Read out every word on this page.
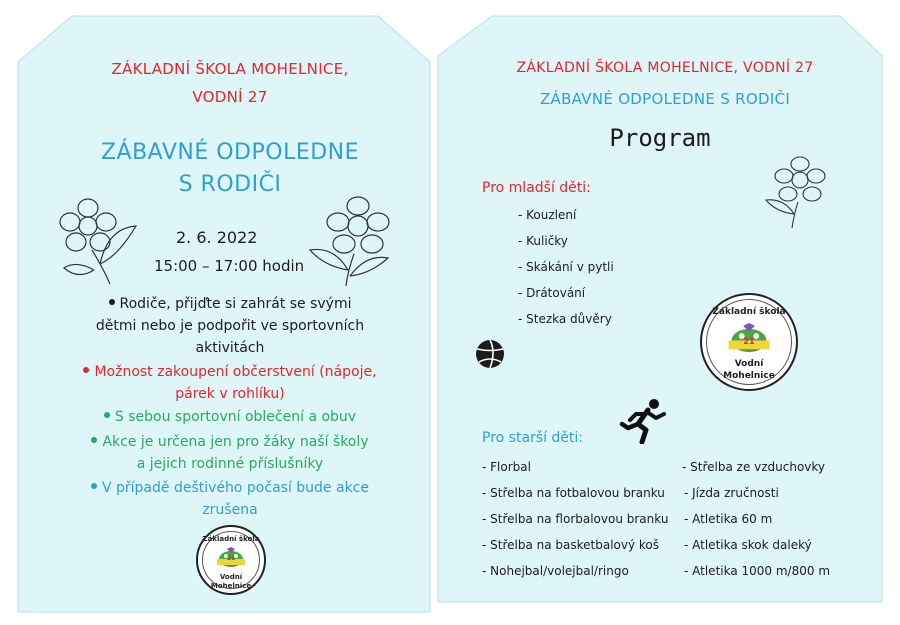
ZÁKLADNÍ ŠKOLA MOHELNICE,
VODNÍ 27
ZÁBAVNÉ ODPOLEDNE
S RODIČI
2. 6. 2022
15:00 – 17:00 hodin
Rodiče, přijďte si zahrát se svými
dětmi nebo je podpořit ve sportovních
aktivitách
Možnost zakoupení občerstvení (nápoje,
párek v rohlíku)
S sebou sportovní oblečení a obuv
Akce je určena jen pro žáky naší školy
a jejich rodinné příslušníky
V případě deštivého počasí bude akce
zrušena
Základní škola
21
Vodní
Mohelnice
ZÁKLADNÍ ŠKOLA MOHELNICE, VODNÍ 27
ZÁBAVNÉ ODPOLEDNE S RODIČI
Program
Pro mladší děti:
- Kouzlení
- Kuličky
- Skákání v pytli
- Drátování
- Stezka důvěry	Základní škola
21
Vodní
Mohelnice
Pro starší děti:
- Florbal
- Střelba na fotbalovou branku
- Střelba na florbalovou branku
- Střelba na basketbalový koš
- Nohejbal/volejbal/ringo
- Střelba ze vzduchovky
- Jízda zručnosti
- Atletika 60 m
- Atletika skok daleký
- Atletika 1000 m/800 m
